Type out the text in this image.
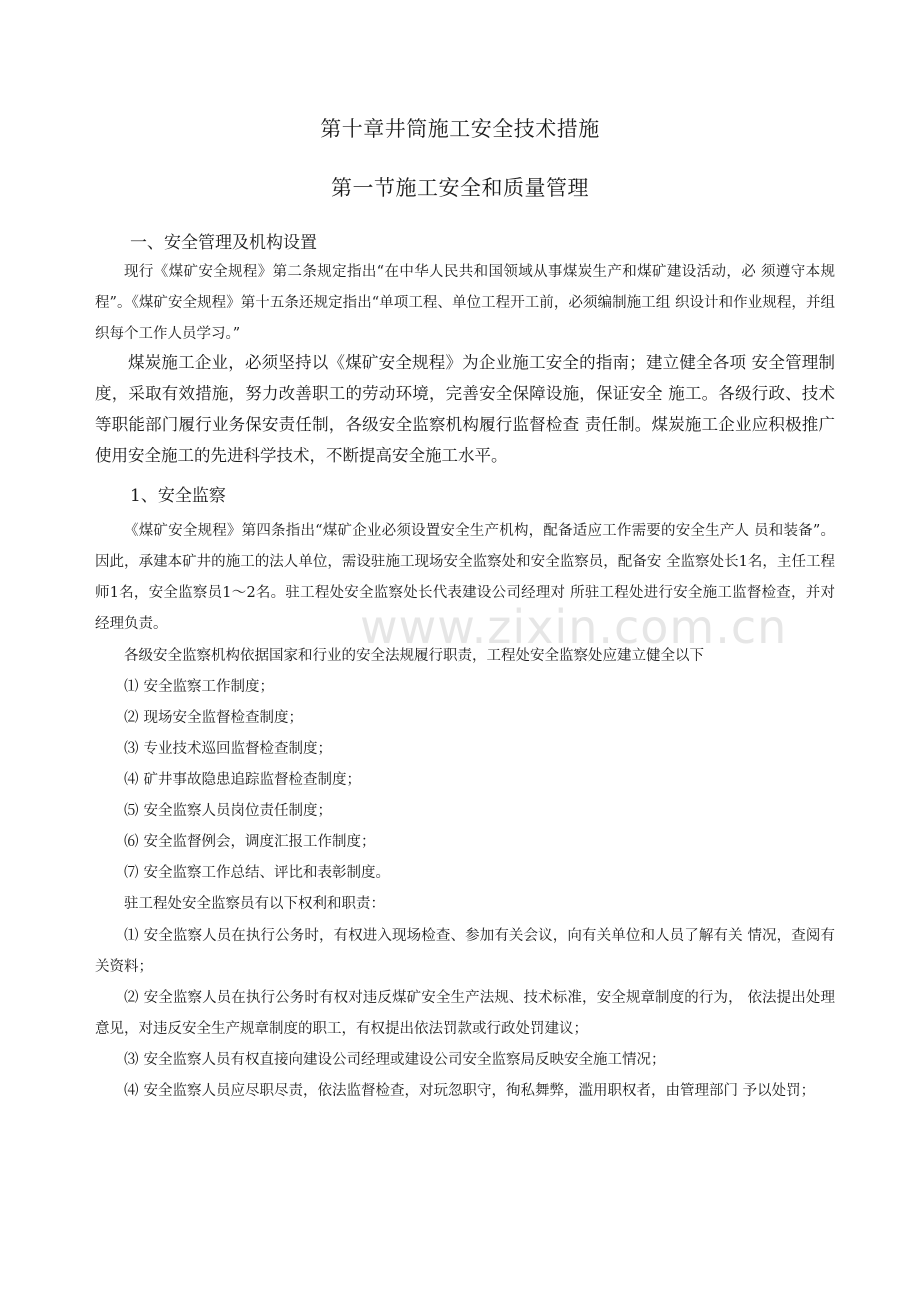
第十章井筒施工安全技术措施
第一节施工安全和质量管理
一、安全管理及机构设置

现行《煤矿安全规程》第二条规定指出“在中华人民共和国领域从事煤炭生产和煤矿建设活动，必 须遵守本规程”。《煤矿安全规程》第十五条还规定指出“单项工程、单位工程开工前，必须编制施工组 织设计和作业规程，并组织每个工作人员学习。”

煤炭施工企业，必须坚持以《煤矿安全规程》为企业施工安全的指南；建立健全各项 安全管理制度，采取有效措施，努力改善职工的劳动环境，完善安全保障设施，保证安全 施工。各级行政、技术等职能部门履行业务保安责任制，各级安全监察机构履行监督检查 责任制。煤炭施工企业应积极推广使用安全施工的先进科学技术，不断提高安全施工水平。

1、安全监察

《煤矿安全规程》第四条指出“煤矿企业必须设置安全生产机构，配备适应工作需要的安全生产人 员和装备”。因此，承建本矿井的施工的法人单位，需设驻施工现场安全监察处和安全监察员，配备安 全监察处长1名，主任工程师1名，安全监察员1～2名。驻工程处安全监察处长代表建设公司经理对 所驻工程处进行安全施工监督检查，并对经理负责。

各级安全监察机构依据国家和行业的安全法规履行职责，工程处安全监察处应建立健全以下

⑴ 安全监察工作制度；
⑵ 现场安全监督检查制度；
⑶ 专业技术巡回监督检查制度；
⑷ 矿井事故隐患追踪监督检查制度；
⑸ 安全监察人员岗位责任制度；
⑹ 安全监督例会，调度汇报工作制度；
⑺ 安全监察工作总结、评比和表彰制度。

驻工程处安全监察员有以下权利和职责：

⑴ 安全监察人员在执行公务时，有权进入现场检查、参加有关会议，向有关单位和人员了解有关 情况，查阅有关资料；
⑵ 安全监察人员在执行公务时有权对违反煤矿安全生产法规、技术标准，安全规章制度的行为， 依法提出处理意见，对违反安全生产规章制度的职工，有权提出依法罚款或行政处罚建议；
⑶ 安全监察人员有权直接向建设公司经理或建设公司安全监察局反映安全施工情况；
⑷ 安全监察人员应尽职尽责，依法监督检查，对玩忽职守，徇私舞弊，滥用职权者，由管理部门 予以处罚；
www.zixin.com.cn
